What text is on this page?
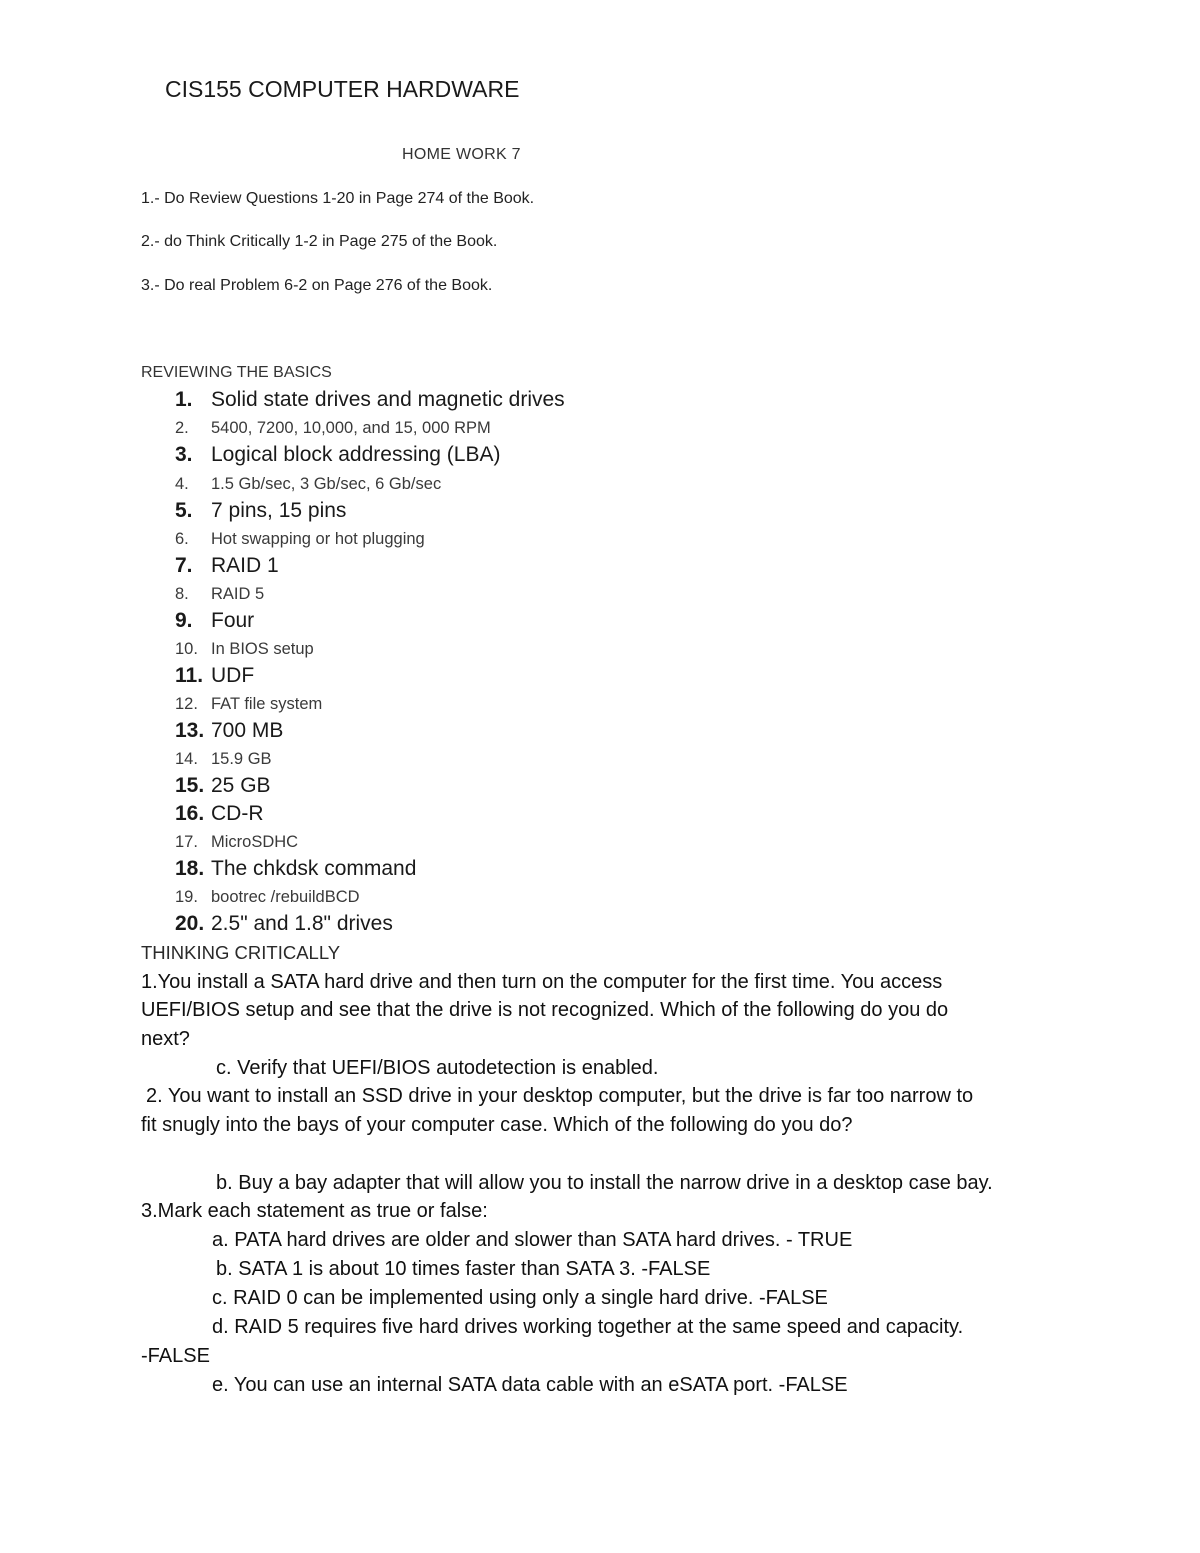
CIS155 COMPUTER HARDWARE
HOME WORK 7
1.- Do Review Questions 1-20 in Page 274 of the Book.
2.- do Think Critically 1-2 in Page 275 of the Book.
3.- Do real Problem 6-2 on Page 276 of the Book.
REVIEWING THE BASICS
1. Solid state drives and magnetic drives
2. 5400, 7200, 10,000, and 15, 000 RPM
3. Logical block addressing (LBA)
4. 1.5 Gb/sec, 3 Gb/sec, 6 Gb/sec
5. 7 pins, 15 pins
6. Hot swapping or hot plugging
7. RAID 1
8. RAID 5
9. Four
10. In BIOS setup
11. UDF
12. FAT file system
13. 700 MB
14. 15.9 GB
15. 25 GB
16. CD-R
17. MicroSDHC
18. The chkdsk command
19. bootrec /rebuildBCD
20. 2.5" and 1.8" drives
THINKING CRITICALLY
1.You install a SATA hard drive and then turn on the computer for the first time. You access
UEFI/BIOS setup and see that the drive is not recognized. Which of the following do you do
next?
c. Verify that UEFI/BIOS autodetection is enabled.
2. You want to install an SSD drive in your desktop computer, but the drive is far too narrow to
fit snugly into the bays of your computer case. Which of the following do you do?
b. Buy a bay adapter that will allow you to install the narrow drive in a desktop case bay.
3.Mark each statement as true or false:
a. PATA hard drives are older and slower than SATA hard drives. - TRUE
b. SATA 1 is about 10 times faster than SATA 3. -FALSE
c. RAID 0 can be implemented using only a single hard drive. -FALSE
d. RAID 5 requires five hard drives working together at the same speed and capacity.
-FALSE
e. You can use an internal SATA data cable with an eSATA port. -FALSE
